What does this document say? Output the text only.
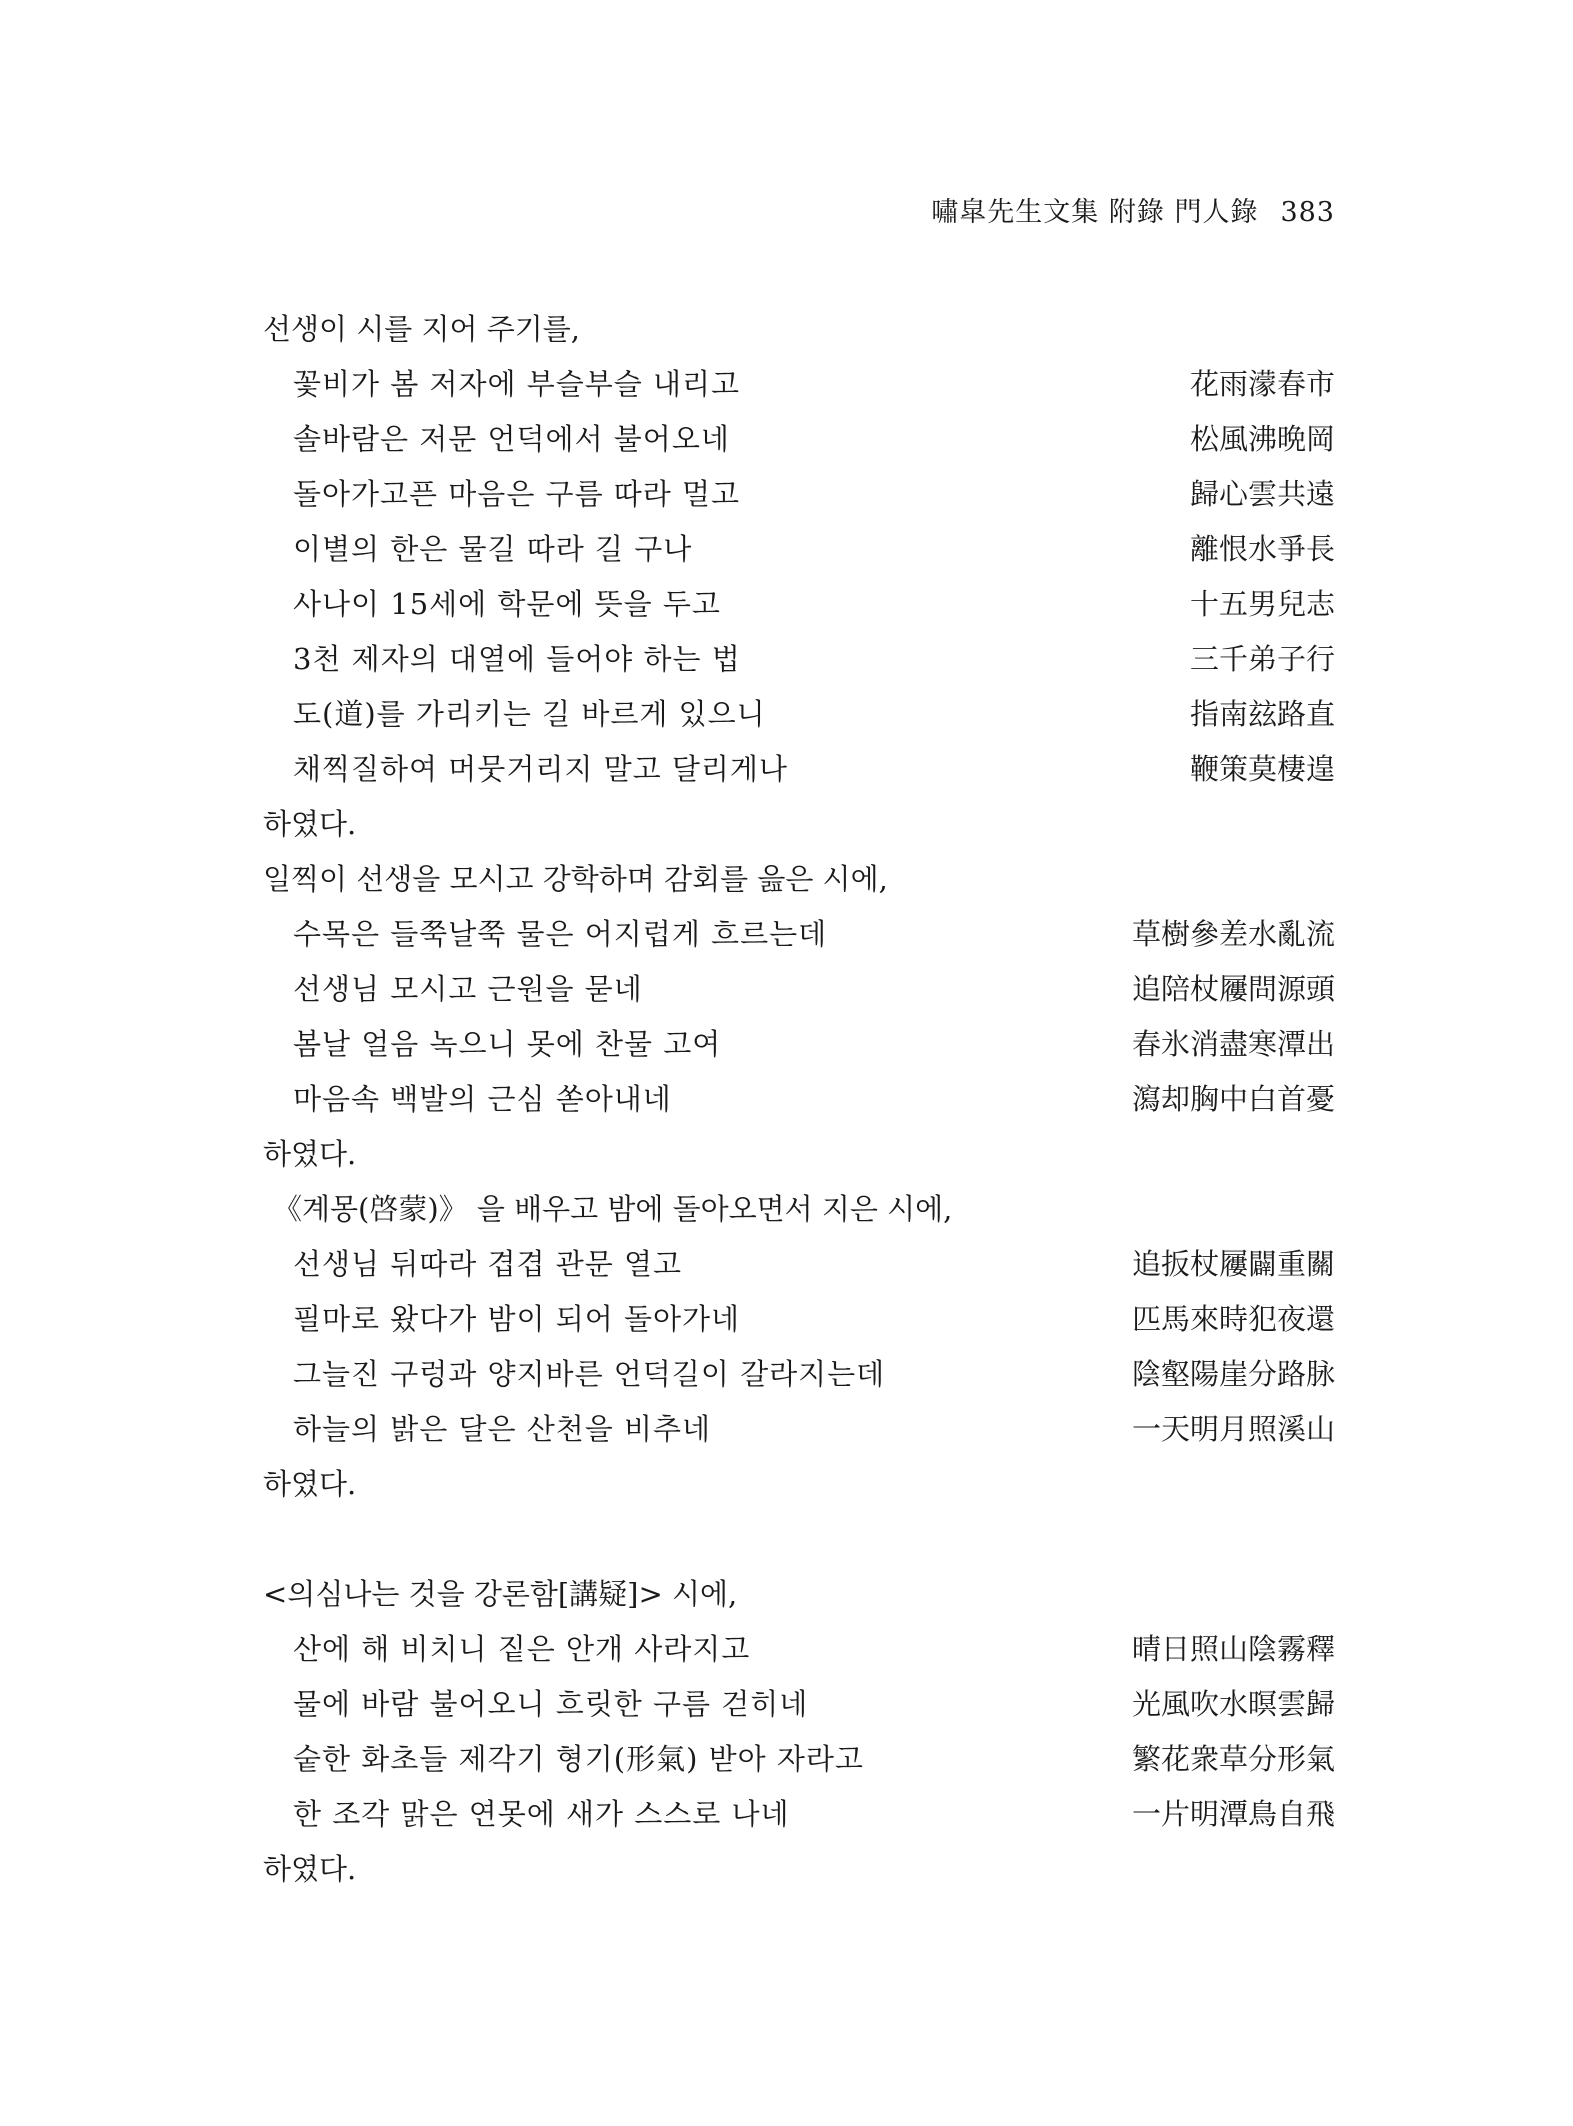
嘯皐先生文集 附錄 門人錄 383
선생이 시를 지어 주기를,
꽃비가 봄 저자에 부슬부슬 내리고	花雨濛春市
솔바람은 저문 언덕에서 불어오네	松風沸晩岡
돌아가고픈 마음은 구름 따라 멀고	歸心雲共遠
이별의 한은 물길 따라 길 구나	離恨水爭長
사나이 15세에 학문에 뜻을 두고	十五男兒志
3천 제자의 대열에 들어야 하는 법	三千弟子行
도(道)를 가리키는 길 바르게 있으니	指南玆路直
채찍질하여 머뭇거리지 말고 달리게나	鞭策莫棲遑
하였다.
일찍이 선생을 모시고 강학하며 감회를 읊은 시에,
수목은 들쭉날쭉 물은 어지럽게 흐르는데	草樹參差水亂流
선생님 모시고 근원을 묻네	追陪杖屨問源頭
봄날 얼음 녹으니 못에 찬물 고여	春氷消盡寒潭出
마음속 백발의 근심 쏟아내네	瀉却胸中白首憂
하였다.
《계몽(啓蒙)》 을 배우고 밤에 돌아오면서 지은 시에,
선생님 뒤따라 겹겹 관문 열고	追扳杖屨闢重關
필마로 왔다가 밤이 되어 돌아가네	匹馬來時犯夜還
그늘진 구렁과 양지바른 언덕길이 갈라지는데	陰壑陽崖分路脉
하늘의 밝은 달은 산천을 비추네	一天明月照溪山
하였다.
<의심나는 것을 강론함[講疑]> 시에,
산에 해 비치니 짙은 안개 사라지고	晴日照山陰霧釋
물에 바람 불어오니 흐릿한 구름 걷히네	光風吹水暝雲歸
숱한 화초들 제각기 형기(形氣) 받아 자라고	繁花衆草分形氣
한 조각 맑은 연못에 새가 스스로 나네	一片明潭鳥自飛
하였다.
